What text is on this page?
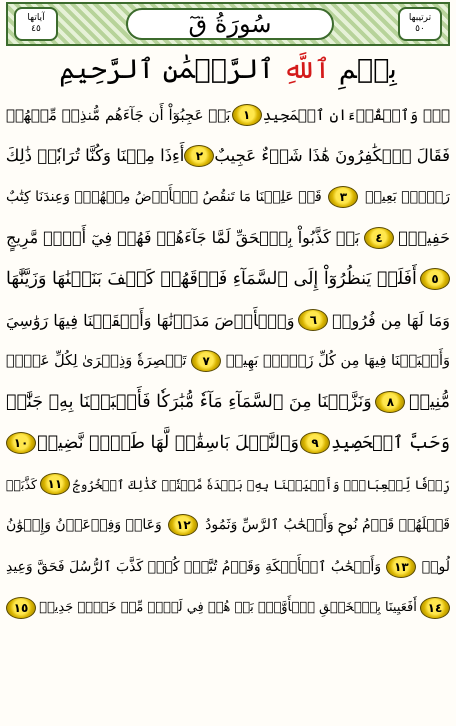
ترتيبها
٥٠
سُورَةُ قٓ
آياتها
٤٥
بِسۡمِ

ٱللَّهِ

ٱلرَّحۡمَٰنِ ٱلرَّحِيمِ
قٓۚ وَٱلۡقُرۡءَانِ ٱلۡمَجِيدِ
١
بَلۡ عَجِبُوٓاْ أَن جَآءَهُم مُّنذِرٞ مِّنۡهُمۡ
فَقَالَ ٱلۡكَٰفِرُونَ هَٰذَا شَيۡءٌ عَجِيبٌ
٢
أَءِذَا مِتۡنَا وَكُنَّا تُرَابٗاۖ ذَٰلِكَ
رَجۡعُۢ بَعِيدٞ
٣
قَدۡ عَلِمۡنَا مَا تَنقُصُ ٱلۡأَرۡضُ مِنۡهُمۡۖ وَعِندَنَا كِتَٰبٌ
حَفِيظُۢ
٤
بَلۡ كَذَّبُواْ بِٱلۡحَقِّ لَمَّا جَآءَهُمۡ فَهُمۡ فِيٓ أَمۡرٖ مَّرِيجٍ
٥
أَفَلَمۡ يَنظُرُوٓاْ إِلَى ٱلسَّمَآءِ فَوۡقَهُمۡ كَيۡفَ بَنَيۡنَٰهَا وَزَيَّنَّٰهَا
وَمَا لَهَا مِن فُرُوجٖ
٦
وَٱلۡأَرۡضَ مَدَدۡنَٰهَا وَأَلۡقَيۡنَا فِيهَا رَوَٰسِيَ
وَأَنۢبَتۡنَا فِيهَا مِن كُلِّ زَوۡجِۭ بَهِيجٖ
٧
تَبۡصِرَةٗ وَذِكۡرَىٰ لِكُلِّ عَبۡدٖ
مُّنِيبٖ
٨
وَنَزَّلۡنَا مِنَ ٱلسَّمَآءِ مَآءٗ مُّبَٰرَكٗا فَأَنۢبَتۡنَا بِهِۦ جَنَّٰتٖ
وَحَبَّ ٱلۡحَصِيدِ
٩
وَٱلنَّخۡلَ بَاسِقَٰتٖ لَّهَا طَلۡعٞ نَّضِيدٞ
١٠
رِّزۡقٗا لِّلۡعِبَادِۖ وَأَحۡيَيۡنَا بِهِۦ بَلۡدَةٗ مَّيۡتٗاۚ كَذَٰلِكَ ٱلۡخُرُوجُ
١١
كَذَّبَتۡ
قَبۡلَهُمۡ قَوۡمُ نُوحٖ وَأَصۡحَٰبُ ٱلرَّسِّ وَثَمُودُ
١٢
وَعَادٞ وَفِرۡعَوۡنُ وَإِخۡوَٰنُ
لُوطٖ
١٣
وَأَصۡحَٰبُ ٱلۡأَيۡكَةِ وَقَوۡمُ تُبَّعٖۚ كُلّٞ كَذَّبَ ٱلرُّسُلَ فَحَقَّ وَعِيدِ
١٤
أَفَعَيِينَا بِٱلۡخَلۡقِ ٱلۡأَوَّلِۚ بَلۡ هُمۡ فِي لَبۡسٖ مِّنۡ خَلۡقٖ جَدِيدٖ
١٥
